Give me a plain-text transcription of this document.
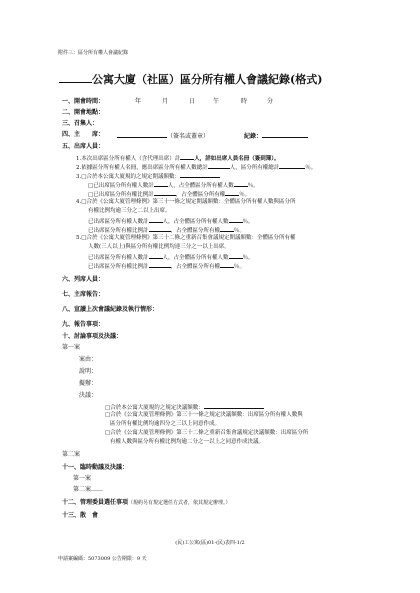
附件三：區分所有權人會議紀錄
公寓大廈（社區）區分所有權人會議紀錄(格式)
一、開會時間：	年	月	日	午	時	分
二、開會地點：
三、召集人：
四、主　　席：	（簽名或蓋章）	紀錄：
五、出席人員：
1.本次出席區分所有權人（含代理出席）計	人，詳如出席人員名冊（簽到簿）。
2.依據區分所有權人名冊，應出席區分所有權人數總計	人，區分所有權總計	％。
3.□合於本公寓大廈規約之規定開議額數：
□已出席區分所有權人數計	人，占全體區分所有權人數	％。
□已出席區分所有權比例計	，占全體區分所有權	％。
4.□合於《公寓大廈管理條例》第三十一條之規定開議額數：全體區分所有權人數與區分所
有權比例均逾三分之二以上出席。
已出席區分所有權人數計	人，占全體區分所有權人數	％。
已出席區分所有權比例計	，占全體區分所有權	％。
5.□合於《公寓大廈管理條例》第三十二條之重新召集會議規定開議額數：全體區分所有權
人數(三人以上)與區分所有權比例均達三分之一以上出席。
已出席區分所有權人數計	人，占全體區分所有權人數	％。
已出席區分所有權比例計	，占全體區分所有權	％。
六、列席人員：
七、主席報告：
八、宣讀上次會議紀錄及執行情形：
九、報告事項：
十、討論事項及決議：
第一案
案由：
說明：
擬辦：
決議：
□合於本公寓大廈規約之規定決議額數：
□合於《公寓大廈管理條例》第三十一條之規定決議額數：出席區分所有權人數與
區分所有權比例均逾四分之三以上同意作成。
□合於《公寓大廈管理條例》第三十二條之重新召集會議規定決議額數：出席區分所
有權人數與區分所有權比例均逾二分之一以上之同意作成決議。
第二案
十一、臨時動議及決議：
第一案
第二案……
十二、管理委員選任事項（規約另有規定選任方式者，依其規定辦理。）
十三、散　會
(民)工公寓(區)01-(民)表四-1/2
申請案編碼：5073009 公告期限：9 天
